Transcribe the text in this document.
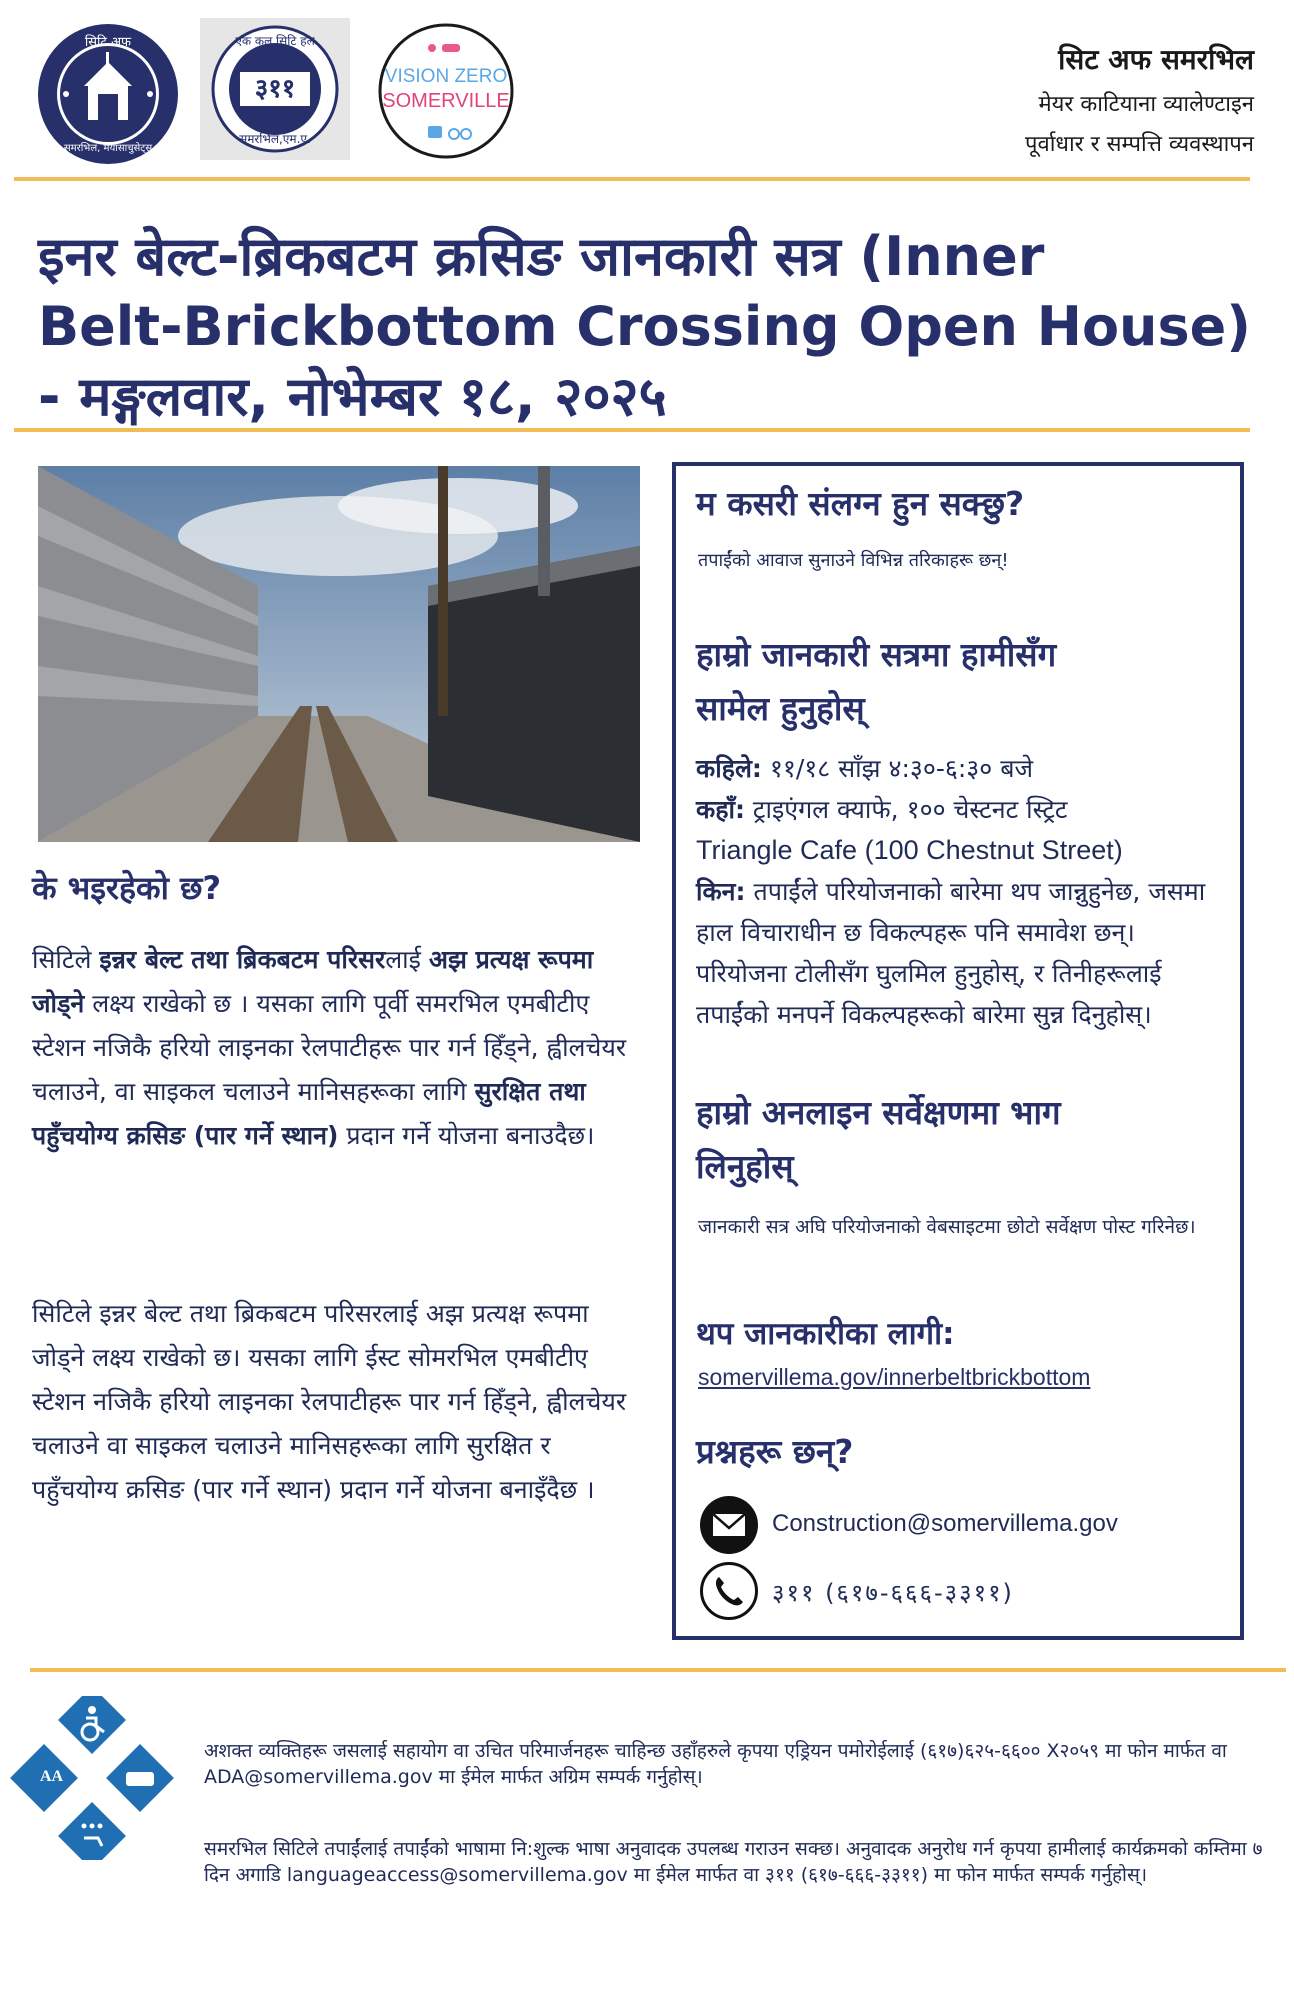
सिटि अफ
समरभिल, मयासाचुसेट्स
एक कल सिटि हल
३११
समरभिल,एम.ए.
VISION ZERO
SOMERVILLE
सिट अफ समरभिल
मेयर काटियाना व्यालेण्टाइन
पूर्वाधार र सम्पत्ति व्यवस्थापन
इनर बेल्ट-ब्रिकबटम क्रसिङ जानकारी सत्र (Inner
Belt-Brickbottom Crossing Open House)
- मङ्गलवार, नोभेम्बर १८, २०२५
के भइरहेको छ?

सिटिले इन्नर बेल्ट तथा ब्रिकबटम परिसरलाई अझ प्रत्यक्ष रूपमा जोड्ने लक्ष्य राखेको छ । यसका लागि पूर्वी समरभिल एमबीटीए स्टेशन नजिकै हरियो लाइनका रेलपाटीहरू पार गर्न हिँड्ने, ह्वीलचेयर चलाउने, वा साइकल चलाउने मानिसहरूका लागि सुरक्षित तथा पहुँचयोग्य क्रसिङ (पार गर्ने स्थान) प्रदान गर्ने योजना बनाउदैछ।

सिटिले इन्नर बेल्ट तथा ब्रिकबटम परिसरलाई अझ प्रत्यक्ष रूपमा जोड्ने लक्ष्य राखेको छ। यसका लागि ईस्ट सोमरभिल एमबीटीए स्टेशन नजिकै हरियो लाइनका रेलपाटीहरू पार गर्न हिँड्ने, ह्वीलचेयर चलाउने वा साइकल चलाउने मानिसहरूका लागि सुरक्षित र पहुँचयोग्य क्रसिङ (पार गर्ने स्थान) प्रदान गर्ने योजना बनाइँदैछ ।

म कसरी संलग्न हुन सक्छु?
तपाईंको आवाज सुनाउने विभिन्न तरिकाहरू छन्!
हाम्रो जानकारी सत्रमा हामीसँग
सामेल हुनुहोस्
कहिले: ११/१८ साँझ ४:३०-६:३० बजे
कहाँ: ट्राइएंगल क्याफे, १०० चेस्टनट स्ट्रिट
Triangle Cafe (100 Chestnut Street)
किन: तपाईंले परियोजनाको बारेमा थप जान्नुहुनेछ, जसमा हाल विचाराधीन छ विकल्पहरू पनि समावेश छन्। परियोजना टोलीसँग घुलमिल हुनुहोस्, र तिनीहरूलाई तपाईंको मनपर्ने विकल्पहरूको बारेमा सुन्न दिनुहोस्।
हाम्रो अनलाइन सर्वेक्षणमा भाग
लिनुहोस्
जानकारी सत्र अघि परियोजनाको वेबसाइटमा छोटो सर्वेक्षण पोस्ट गरिनेछ।
थप जानकारीका लागी:
somervillema.gov/innerbeltbrickbottom
प्रश्नहरू छन्?
Construction@somervillema.gov
३११ (६१७-६६६-३३११)
AA
अशक्त व्यक्तिहरू जसलाई सहायोग वा उचित परिमार्जनहरू चाहिन्छ उहाँहरुले कृपया एड्रियन पमोरोईलाई (६१७)६२५-६६०० X२०५९ मा फोन मार्फत वा ADA@somervillema.gov मा ईमेल मार्फत अग्रिम सम्पर्क गर्नुहोस्।
समरभिल सिटिले तपाईंलाई तपाईंको भाषामा नि:शुल्क भाषा अनुवादक उपलब्ध गराउन सक्छ। अनुवादक अनुरोध गर्न कृपया हामीलाई कार्यक्रमको कम्तिमा ७ दिन अगाडि languageaccess@somervillema.gov मा ईमेल मार्फत वा ३११ (६१७-६६६-३३११) मा फोन मार्फत सम्पर्क गर्नुहोस्।
